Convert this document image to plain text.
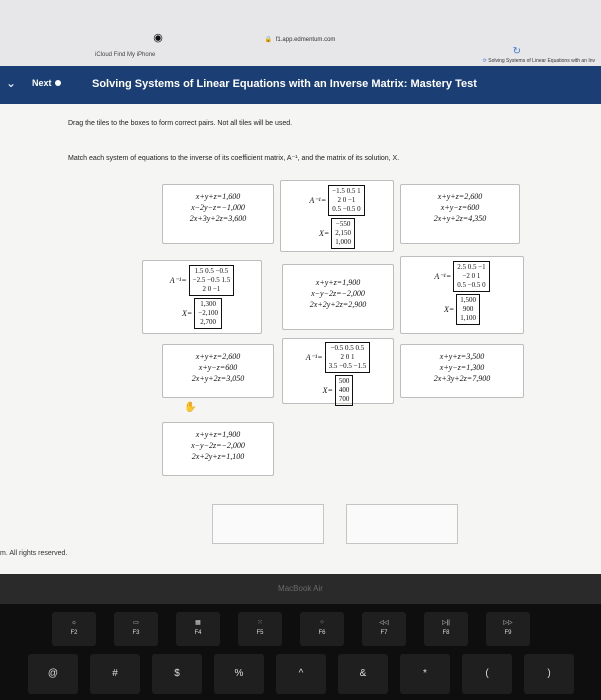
◉	🔒 f1.app.edmentum.com
↻
iCloud Find My iPhone
⟳ Solving Systems of Linear Equations with an Inv
⌄ Next	Solving Systems of Linear Equations with an Inverse Matrix: Mastery Test
Drag the tiles to the boxes to form correct pairs. Not all tiles will be used.
Match each system of equations to the inverse of its coefficient matrix, A⁻¹, and the matrix of its solution, X.
x+y+z=1,600
x−2y−z=−1,000
2x+3y+2z=3,600
A⁻¹=
−1.5 0.5 1
2 0 −1
0.5 −0.5 0
X=
−550
2,150
1,000
x+y+z=2,600
x+y−z=600
2x+y+2z=4,350
A⁻¹=
1.5 0.5 −0.5
−2.5 −0.5 1.5
2 0 −1
X=
1,300
−2,100
2,700
x+y+z=1,900
x−y−2z=−2,000
2x+2y+2z=2,900
A⁻¹=
2.5 0.5 −1
−2 0 1
0.5 −0.5 0
X=
1,500
900
1,100
x+y+z=2,600
x+y−z=600
2x+y+2z=3,050
✋
A⁻¹=
−0.5 0.5 0.5
2 0 1
3.5 −0.5 −1.5
X=
500
400
700
x+y+z=3,500
x+y−z=1,300
2x+3y+2z=7,900
x+y+z=1,900
x−y−2z=−2,000
2x+2y+z=1,100
m. All rights reserved.
MacBook Air
☼
F2
▭
F3
▦
F4
⁙
F5
⁘
F6
◁◁
F7
▷||
F8
▷▷
F9
@	#	$	%	^	&	*	(	)
